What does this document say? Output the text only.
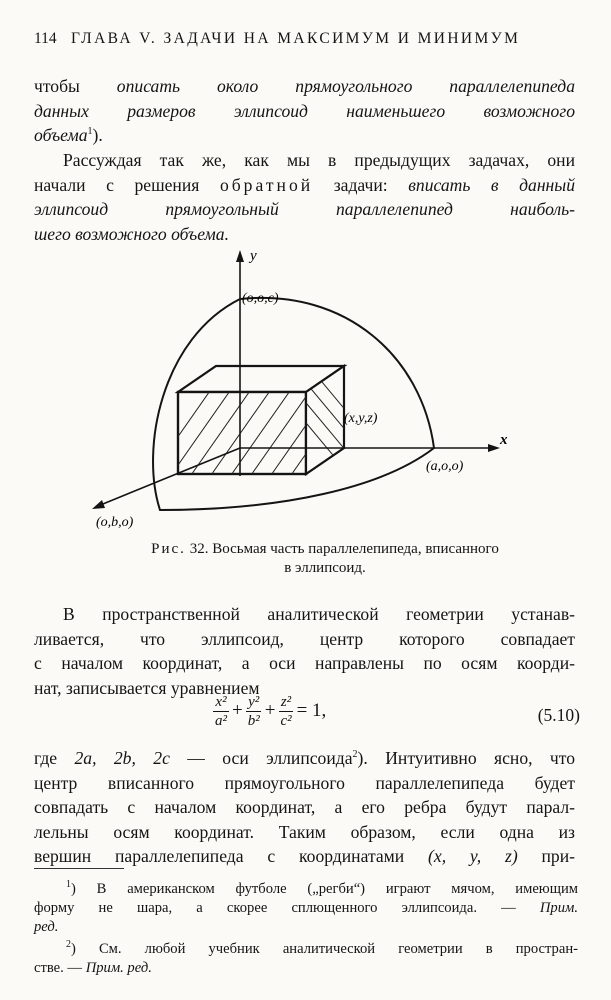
114 ГЛАВА V. ЗАДАЧИ НА МАКСИМУМ И МИНИМУМ
чтобы описать около прямоугольного параллелепипеда
данных размеров эллипсоид наименьшего возможного
объема$^1$).
Рассуждая так же, как мы в предыдущих задачах, они
начали с решения обратной задачи: вписать в данный
эллипсоид прямоугольный параллелепипед наиболь-
шего возможного объема.
y
x
(o,o,c)
(x,y,z)
(a,o,o)
(o,b,o)
Рис. 32. Восьмая часть параллелепипеда, вписанного
в эллипсоид.
В пространственной аналитической геометрии устанав-
ливается, что эллипсоид, центр которого совпадает
с началом координат, а оси направлены по осям коорди-
нат, записывается уравнением
$\frac{\text{x²}}{\text{a²}} + \frac{\text{y²}}{\text{b²}} + \frac{\text{z²}}{\text{c²}} = 1$,	(5.10)
где 2a, 2b, 2c — оси эллипсоида$^2$). Интуитивно ясно, что
центр вписанного прямоугольного параллелепипеда будет
совпадать с началом координат, а его ребра будут парал-
лельны осям координат. Таким образом, если одна из
вершин параллелепипеда с координатами (x, y, z) при-
$^1$) В американском футболе („регби“) играют мячом, имеющим
форму не шара, а скорее сплющенного эллипсоида. — Прим.
ред.
$^2$) См. любой учебник аналитической геометрии в простран-
стве. — Прим. ред.
